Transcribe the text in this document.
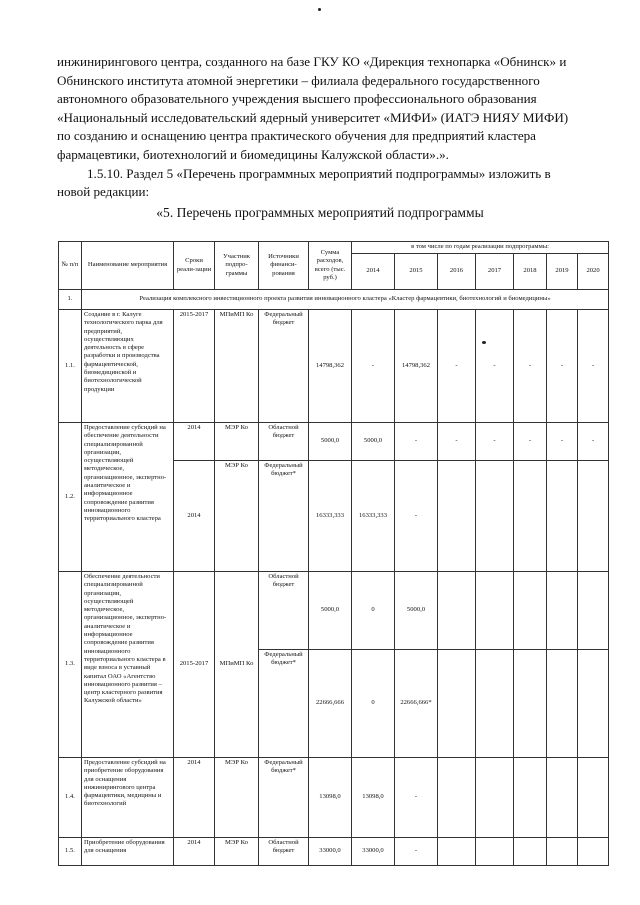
инжинирингового центра, созданного на базе ГКУ КО «Дирекция технопарка «Обнинск» и

Обнинского института атомной энергетики – филиала федерального государственного

автономного образовательного учреждения высшего профессионального образования

«Национальный исследовательский ядерный университет «МИФИ» (ИАТЭ НИЯУ МИФИ)

по созданию и оснащению центра практического обучения для предприятий кластера

фармацевтики, биотехнологий и биомедицины Калужской области».».

1.5.10. Раздел 5 «Перечень программных мероприятий подпрограммы» изложить в

новой редакции:

«5. Перечень программных мероприятий подпрограммы
№ п/п	Наименование мероприятия	Сроки реали-зации	Участник подпро-граммы	Источники финанси-рования	Сумма расходов, всего (тыс. руб.)	в том числе по годам реализации подпрограммы:						
						2014	2015	2016	2017	2018	2019	2020
1.	Реализация комплексного инвестиционного проекта развития инновационного кластера «Кластер фармацевтики, биотехнологий и биомедицины»											
1.1.	Создание в г. Калуге технологического парка для предприятий, осуществляющих деятельность в сфере разработки и производства фармацевтической, биомедицинской и биотехнологической продукции	2015-2017	МПиМП Ко	Федеральный бюджет	14798,362	-	14798,362	-	-	-	-	-
1.2.	Предоставление субсидий на обеспечение деятельности специализированной организации, осуществляющей методическое, организационное, экспертно-аналитическое и информационное сопровождение развития инновационного территориального кластера	2014	МЭР Ко	Областной бюджет	5000,0	5000,0	-	-	-	-	-	-
		2014	МЭР Ко	Федеральный бюджет*	16333,333	16333,333	-					
1.3.	Обеспечение деятельности специализированной организации, осуществляющей методическое, организационное, экспертно-аналитическое и информационное сопровождение развития инновационного территориального кластера в виде взноса в уставный капитал ОАО «Агентство инновационного развития – центр кластерного развития Калужской области»	2015-2017	МПиМП Ко	Областной бюджет	5000,0	0	5000,0					
				Федеральный бюджет*	22666,666	0	22666,666*					
1.4.	Предоставление субсидий на приобретение оборудования для оснащения инжинирингового центра фармацевтики, медицины и биотехнологий	2014	МЭР Ко	Федеральный бюджет*	13098,0	13098,0	-					
1.5.	Приобретение оборудования для оснащения	2014	МЭР Ко	Областной бюджет	33000,0	33000,0	-					
